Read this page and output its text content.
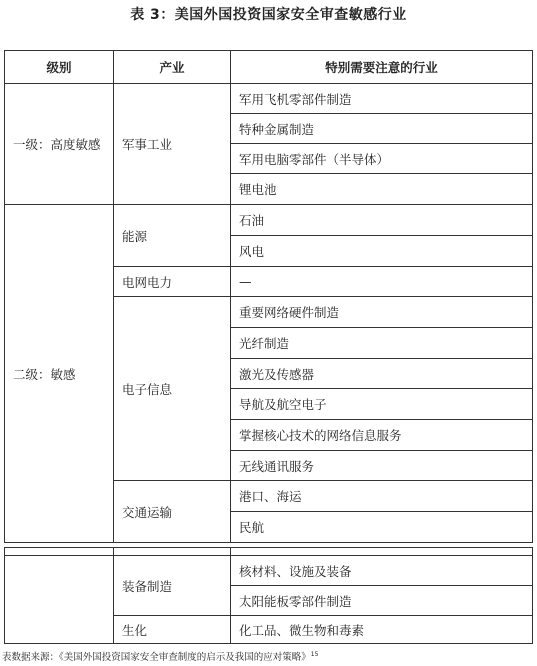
表 3：美国外国投资国家安全审查敏感行业
级别	产业	特别需要注意的行业
一级：高度敏感	军事工业	军用飞机零部件制造
		特种金属制造
		军用电脑零部件（半导体）
		锂电池
二级：敏感	能源	石油
		风电
	电网电力	—
	电子信息	重要网络硬件制造
		光纤制造
		激光及传感器
		导航及航空电子
		掌握核心技术的网络信息服务
		无线通讯服务
	交通运输	港口、海运
		民航

	装备制造	核材料、设施及装备
		太阳能板零部件制造
	生化	化工品、微生物和毒素
表数据来源：《美国外国投资国家安全审查制度的启示及我国的应对策略》$^{15}$
